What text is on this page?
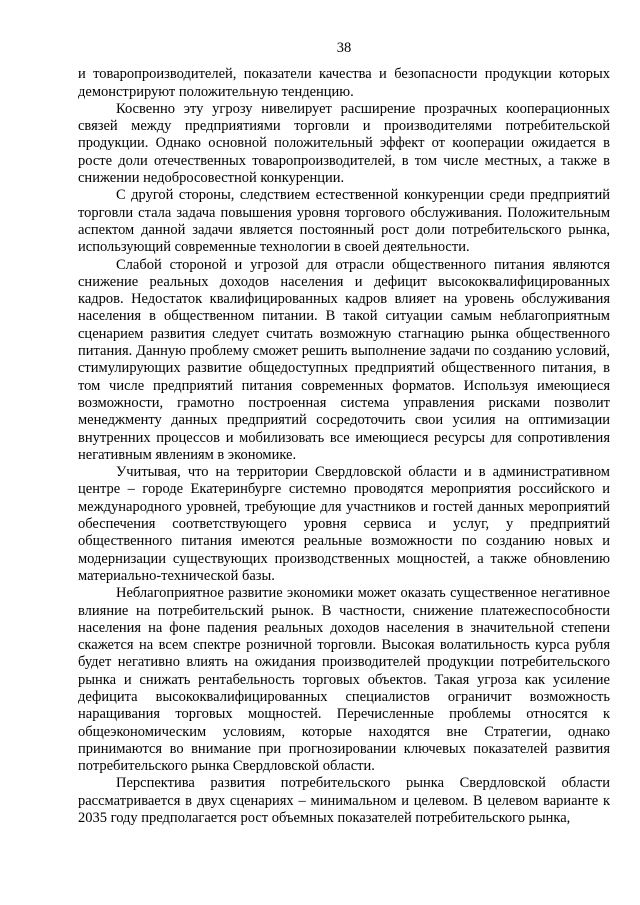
38

и товаропроизводителей, показатели качества и безопасности продукции которых демонстрируют положительную тенденцию.

Косвенно эту угрозу нивелирует расширение прозрачных кооперационных связей между предприятиями торговли и производителями потребительской продукции. Однако основной положительный эффект от кооперации ожидается в росте доли отечественных товаропроизводителей, в том числе местных, а также в снижении недобросовестной конкуренции.

С другой стороны, следствием естественной конкуренции среди предприятий торговли стала задача повышения уровня торгового обслуживания. Положительным аспектом данной задачи является постоянный рост доли потребительского рынка, использующий современные технологии в своей деятельности.

Слабой стороной и угрозой для отрасли общественного питания являются снижение реальных доходов населения и дефицит высококвалифицированных кадров. Недостаток квалифицированных кадров влияет на уровень обслуживания населения в общественном питании. В такой ситуации самым неблагоприятным сценарием развития следует считать возможную стагнацию рынка общественного питания. Данную проблему сможет решить выполнение задачи по созданию условий, стимулирующих развитие общедоступных предприятий общественного питания, в том числе предприятий питания современных форматов. Используя имеющиеся возможности, грамотно построенная система управления рисками позволит менеджменту данных предприятий сосредоточить свои усилия на оптимизации внутренних процессов и мобилизовать все имеющиеся ресурсы для сопротивления негативным явлениям в экономике.

Учитывая, что на территории Свердловской области и в административном центре – городе Екатеринбурге системно проводятся мероприятия российского и международного уровней, требующие для участников и гостей данных мероприятий обеспечения соответствующего уровня сервиса и услуг, у предприятий общественного питания имеются реальные возможности по созданию новых и модернизации существующих производственных мощностей, а также обновлению материально-технической базы.

Неблагоприятное развитие экономики может оказать существенное негативное влияние на потребительский рынок. В частности, снижение платежеспособности населения на фоне падения реальных доходов населения в значительной степени скажется на всем спектре розничной торговли. Высокая волатильность курса рубля будет негативно влиять на ожидания производителей продукции потребительского рынка и снижать рентабельность торговых объектов. Такая угроза как усиление дефицита высококвалифицированных специалистов ограничит возможность наращивания торговых мощностей. Перечисленные проблемы относятся к общеэкономическим условиям, которые находятся вне Стратегии, однако принимаются во внимание при прогнозировании ключевых показателей развития потребительского рынка Свердловской области.

Перспектива развития потребительского рынка Свердловской области рассматривается в двух сценариях – минимальном и целевом. В целевом варианте к 2035 году предполагается рост объемных показателей потребительского рынка,
